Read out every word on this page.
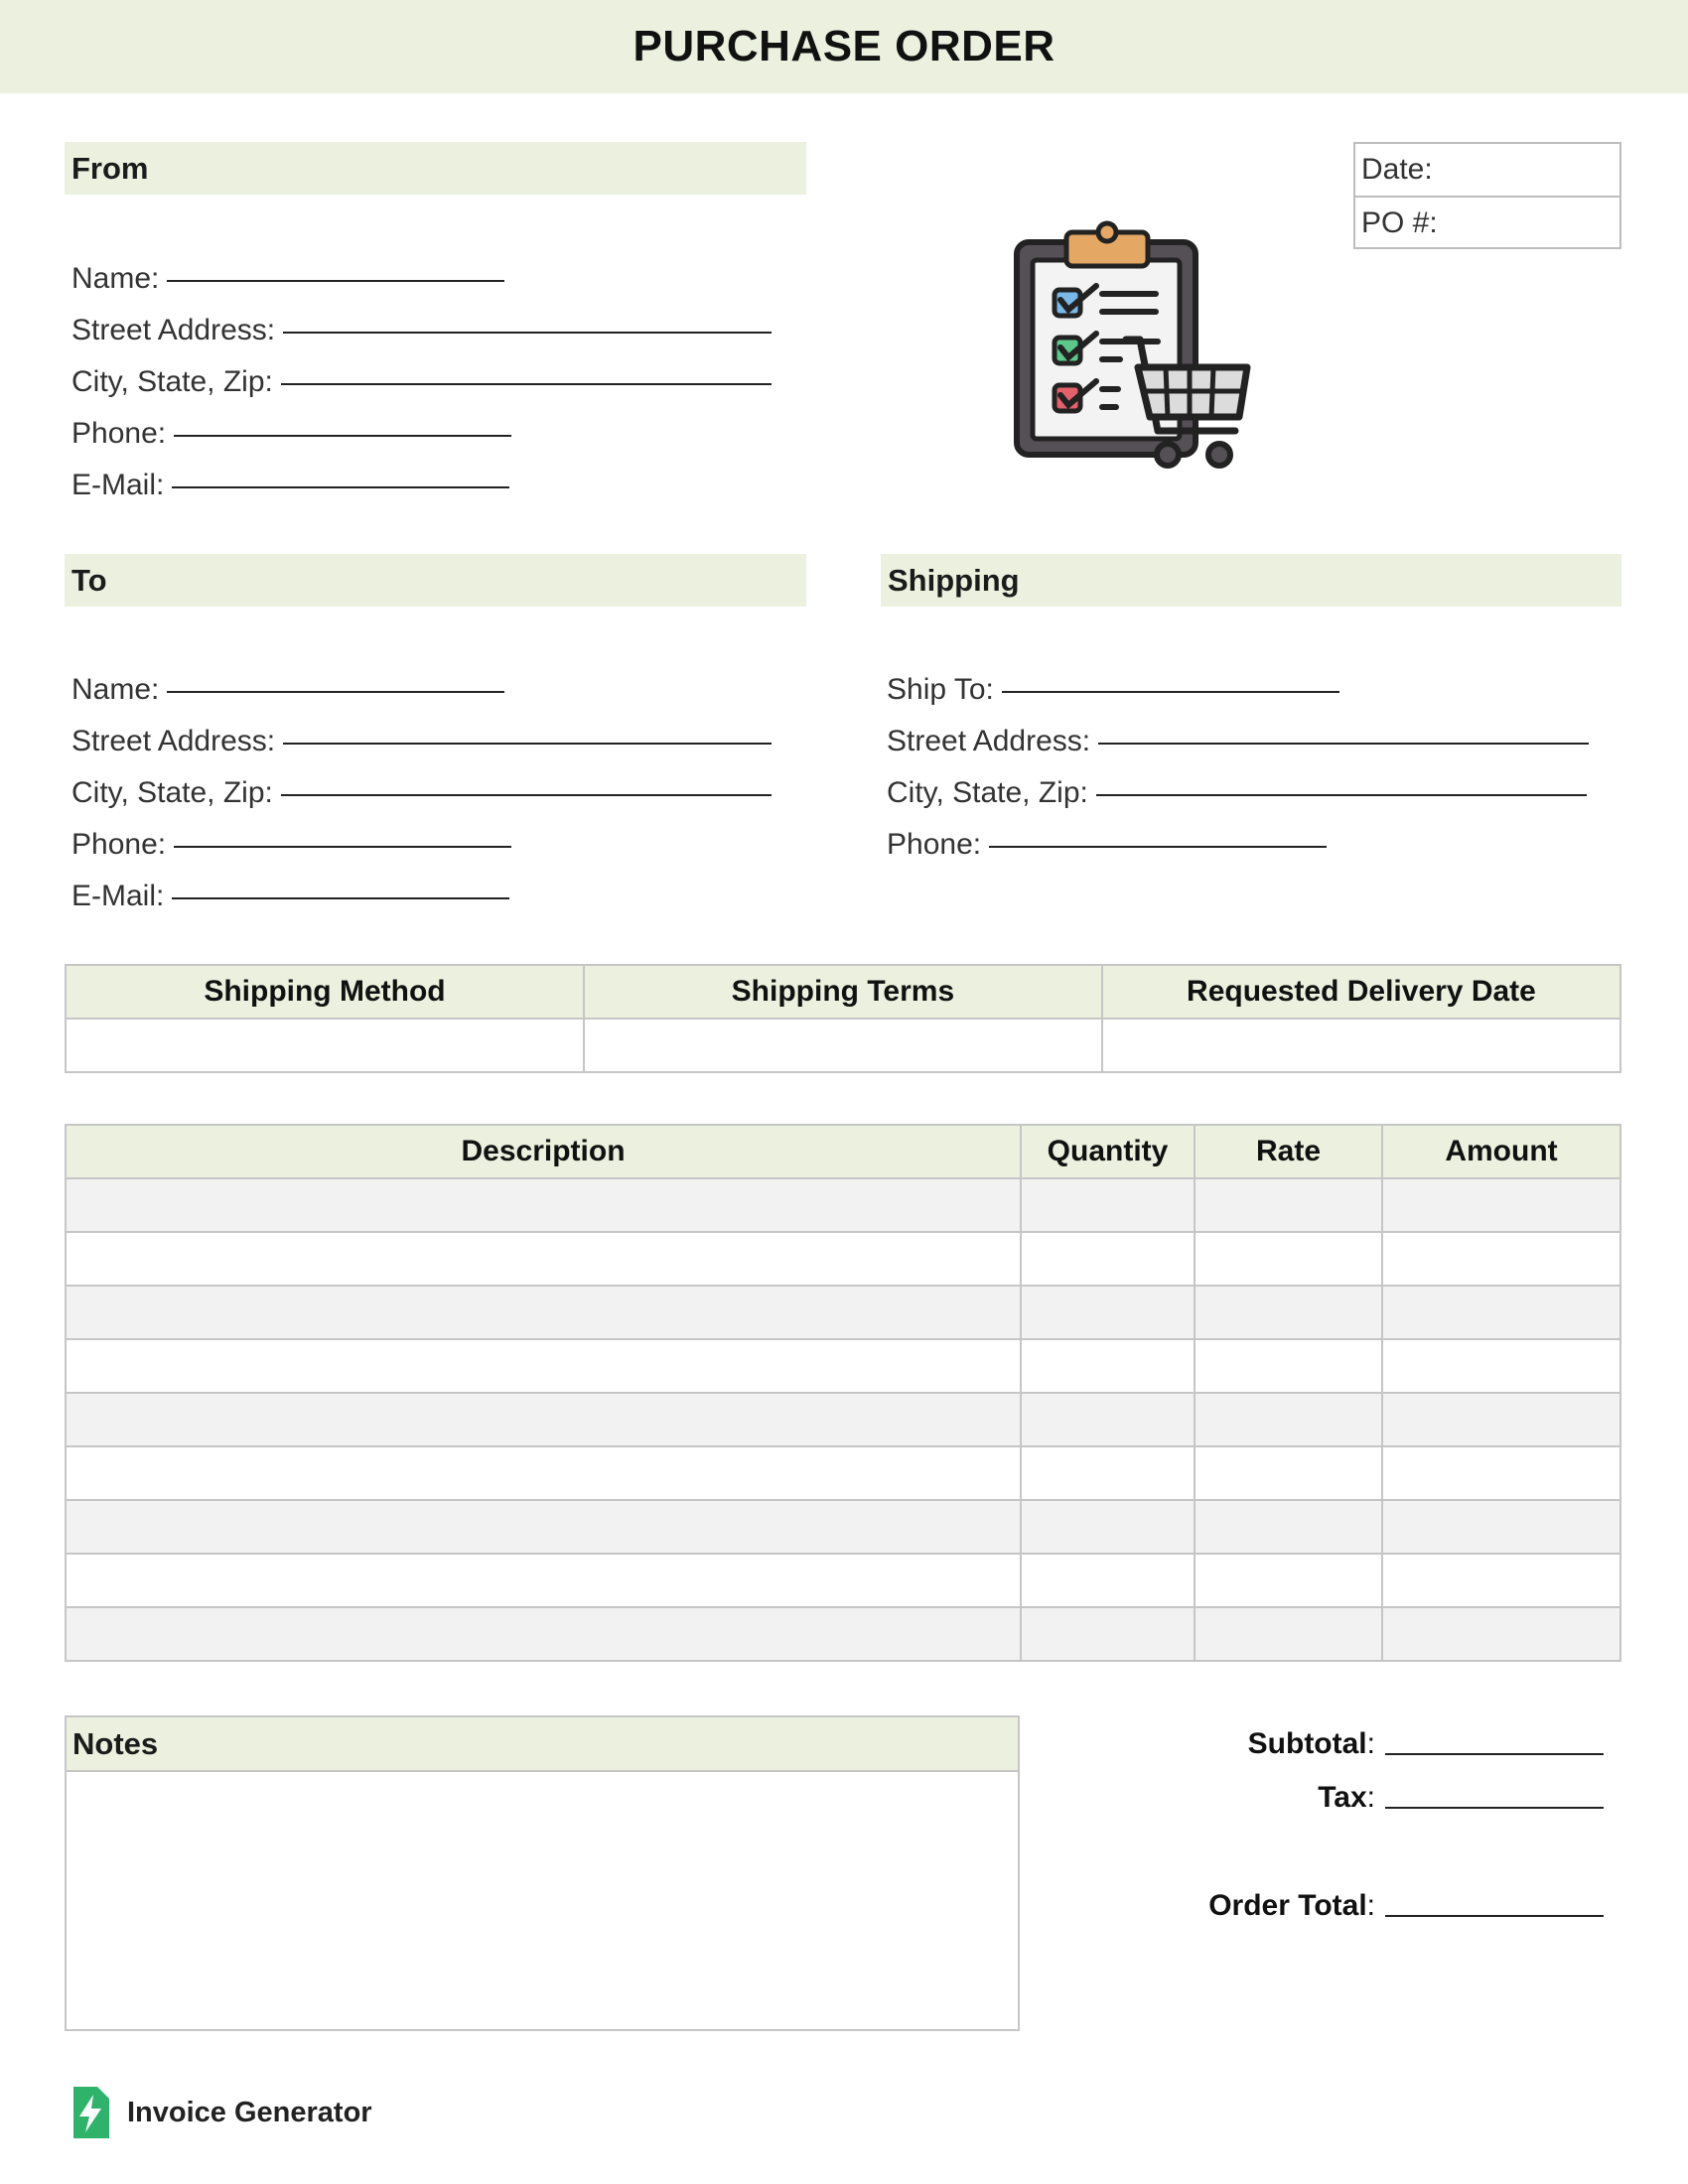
PURCHASE ORDER
From
Name:
Street Address:
City, State, Zip:
Phone:
E-Mail:
Date:
PO #:
To
Name:
Street Address:
City, State, Zip:
Phone:
E-Mail:
Shipping
Ship To:
Street Address:
City, State, Zip:
Phone:
Shipping Method	Shipping Terms	Requested Delivery Date

Description	Quantity	Rate	Amount

Notes	Subtotal:
Tax:
Order Total:
Invoice Generator
